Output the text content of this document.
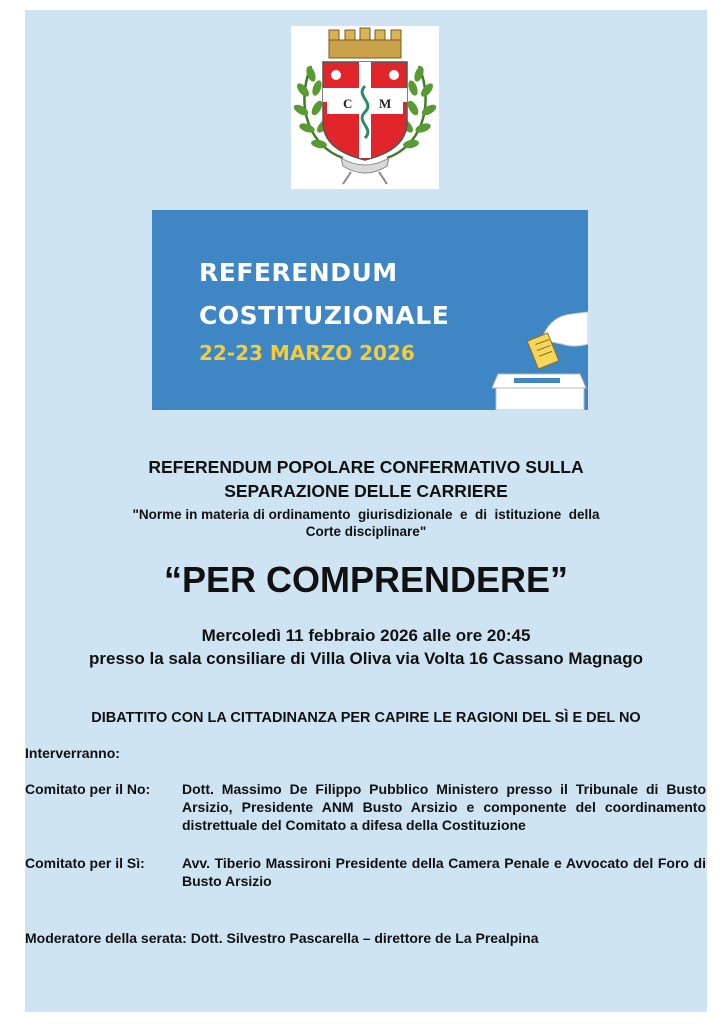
C M
REFERENDUM
COSTITUZIONALE
22-23 MARZO 2026
REFERENDUM POPOLARE CONFERMATIVO SULLA
SEPARAZIONE DELLE CARRIERE
"Norme in materia di ordinamento  giurisdizionale  e  di  istituzione  della
Corte disciplinare"
“PER COMPRENDERE”
Mercoledì 11 febbraio 2026 alle ore 20:45
presso la sala consiliare di Villa Oliva via Volta 16 Cassano Magnago
DIBATTITO CON LA CITTADINANZA PER CAPIRE LE RAGIONI DEL SÌ E DEL NO
Interverranno:
Comitato per il No: Dott. Massimo De Filippo Pubblico Ministero presso il Tribunale di Busto Arsizio, Presidente ANM Busto Arsizio e componente del coordinamento distrettuale del Comitato a difesa della Costituzione
Comitato per il Sì:	Avv. Tiberio Massironi Presidente della Camera Penale e Avvocato del Foro di Busto Arsizio
Moderatore della serata: Dott. Silvestro Pascarella – direttore de La Prealpina
